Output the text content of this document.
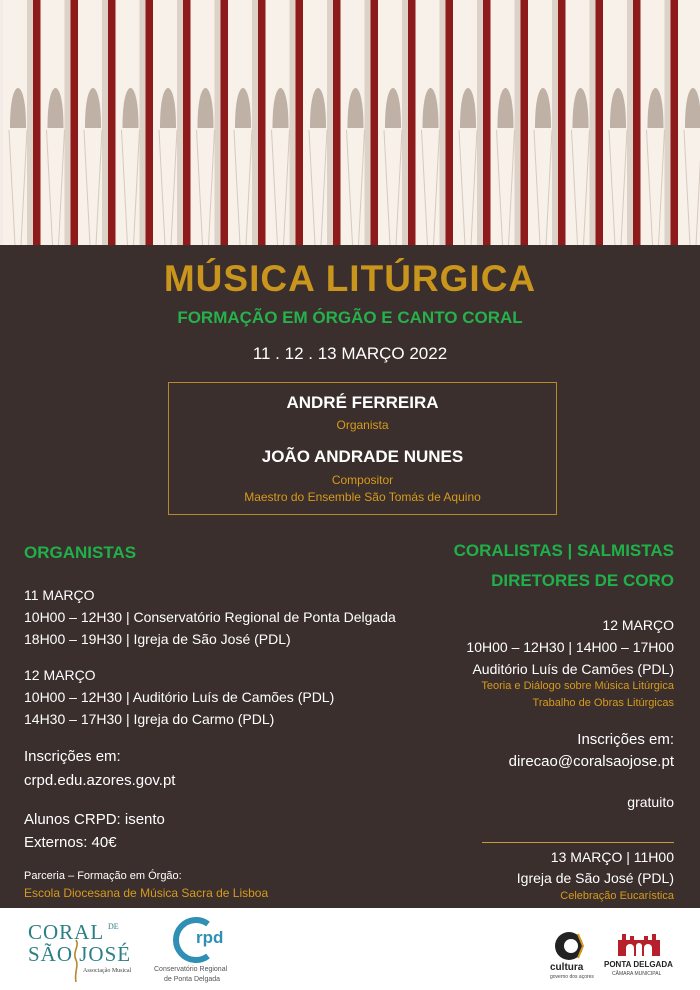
MÚSICA LITÚRGICA
FORMAÇÃO EM ÓRGÃO E CANTO CORAL
11 . 12 . 13 MARÇO 2022
ANDRÉ FERREIRA
Organista
JOÃO ANDRADE NUNES
Compositor
Maestro do Ensemble São Tomás de Aquino
ORGANISTAS
11 MARÇO
10H00 – 12H30 | Conservatório Regional de Ponta Delgada
18H00 – 19H30 | Igreja de São José (PDL)
12 MARÇO
10H00 – 12H30 | Auditório Luís de Camões (PDL)
14H30 – 17H30 | Igreja do Carmo (PDL)
Inscrições em:
crpd.edu.azores.gov.pt
Alunos CRPD: isento
Externos: 40€
Parceria – Formação em Órgão:
Escola Diocesana de Música Sacra de Lisboa
CORALISTAS | SALMISTAS
DIRETORES DE CORO
12 MARÇO
10H00 – 12H30 | 14H00 – 17H00
Auditório Luís de Camões (PDL)
Teoria e Diálogo sobre Música Litúrgica
Trabalho de Obras Litúrgicas
Inscrições em:
direcao@coralsaojose.pt
gratuito
13 MARÇO | 11H00
Igreja de São José (PDL)
Celebração Eucarística
CORAL DE
SÃO JOSÉ
Associação Musical
rpd
Conservatório Regional
de Ponta Delgada
cultura
governo dos açores
PONTA DELGADA
CÂMARA MUNICIPAL
